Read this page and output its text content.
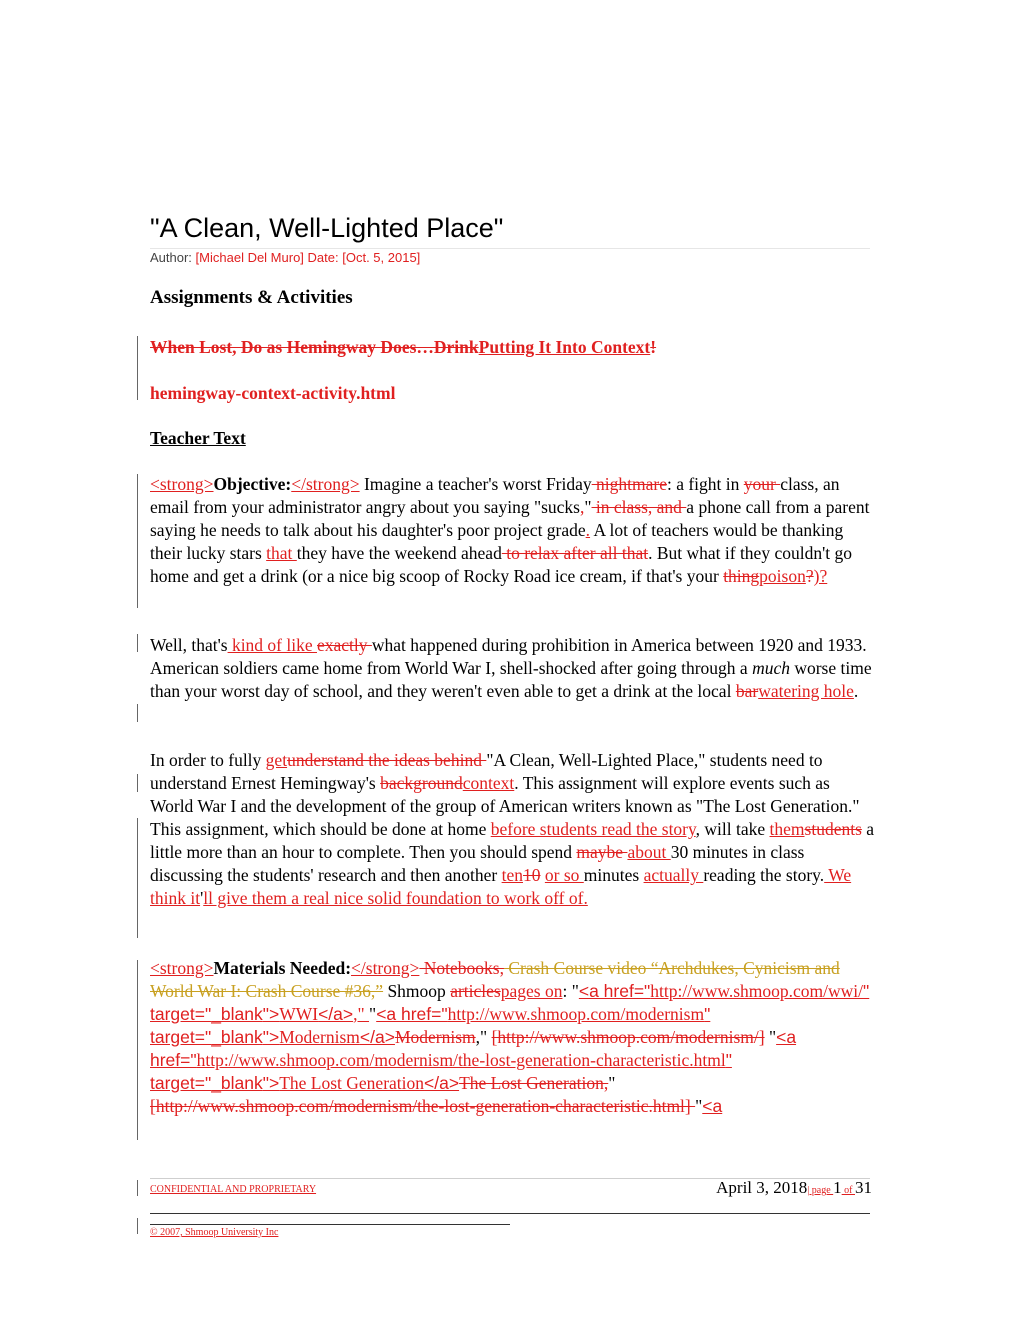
"A Clean, Well-Lighted Place"
Author: [Michael Del Muro] Date: [Oct. 5, 2015]
Assignments & Activities
When Lost, Do as Hemingway Does…DrinkPutting It Into Context!
hemingway-context-activity.html
Teacher Text
<strong>Objective:</strong> Imagine a teacher's worst Friday nightmare: a fight in your class, an email from your administrator angry about you saying "sucks," in class, and a phone call from a parent saying he needs to talk about his daughter's poor project grade. A lot of teachers would be thanking their lucky stars that they have the weekend ahead to relax after all that. But what if they couldn't go home and get a drink (or a nice big scoop of Rocky Road ice cream, if that's your thingpoison?)?
Well, that's kind of like exactly what happened during prohibition in America between 1920 and 1933. American soldiers came home from World War I, shell-shocked after going through a much worse time than your worst day of school, and they weren't even able to get a drink at the local barwatering hole.
In order to fully getunderstand the ideas behind "A Clean, Well-Lighted Place," students need to understand Ernest Hemingway's backgroundcontext. This assignment will explore events such as World War I and the development of the group of American writers known as "The Lost Generation." This assignment, which should be done at home before students read the story, will take themstudents a little more than an hour to complete. Then you should spend maybe about 30 minutes in class discussing the students' research and then another ten10 or so minutes actually reading the story. We think it'll give them a real nice solid foundation to work off of.
<strong>Materials Needed:</strong> Notebooks, Crash Course video “Archdukes, Cynicism and World War I: Crash Course #36,” Shmoop articlespages on: "<a href="http://www.shmoop.com/wwi/" target="_blank">WWI</a>," "<a href="http://www.shmoop.com/modernism" target="_blank">Modernism</a>Modernism," [http://www.shmoop.com/modernism/] "<a href="http://www.shmoop.com/modernism/the-lost-generation-characteristic.html" target="_blank">The Lost Generation</a>The Lost Generation," [http://www.shmoop.com/modernism/the-lost-generation-characteristic.html] "<a
CONFIDENTIAL AND PROPRIETARY	April 3, 2018| page 1 of 31
© 2007, Shmoop University Inc
